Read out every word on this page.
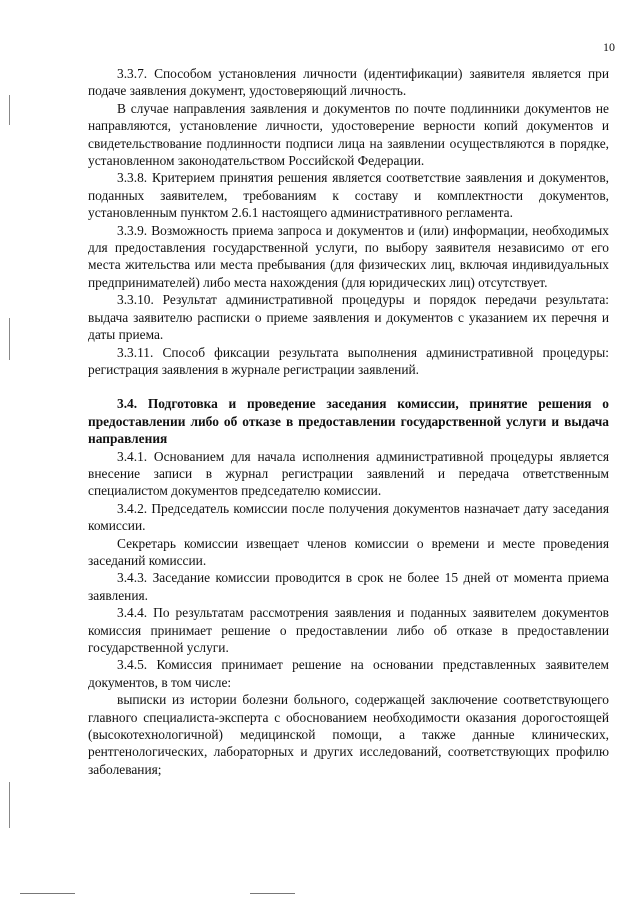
10

3.3.7. Способом установления личности (идентификации) заявителя является при подаче заявления документ, удостоверяющий личность.

В случае направления заявления и документов по почте подлинники документов не направляются, установление личности, удостоверение верности копий документов и свидетельствование подлинности подписи лица на заявлении осуществляются в порядке, установленном законодательством Российской Федерации.

3.3.8. Критерием принятия решения является соответствие заявления и документов, поданных заявителем, требованиям к составу и комплектности документов, установленным пунктом 2.6.1 настоящего административного регламента.

3.3.9. Возможность приема запроса и документов и (или) информации, необходимых для предоставления государственной услуги, по выбору заявителя независимо от его места жительства или места пребывания (для физических лиц, включая индивидуальных предпринимателей) либо места нахождения (для юридических лиц) отсутствует.

3.3.10. Результат административной процедуры и порядок передачи результата: выдача заявителю расписки о приеме заявления и документов с указанием их перечня и даты приема.

3.3.11. Способ фиксации результата выполнения административной процедуры: регистрация заявления в журнале регистрации заявлений.

3.4. Подготовка и проведение заседания комиссии, принятие решения о предоставлении либо об отказе в предоставлении государственной услуги и выдача направления

3.4.1. Основанием для начала исполнения административной процедуры является внесение записи в журнал регистрации заявлений и передача ответственным специалистом документов председателю комиссии.

3.4.2. Председатель комиссии после получения документов назначает дату заседания комиссии.

Секретарь комиссии извещает членов комиссии о времени и месте проведения заседаний комиссии.

3.4.3. Заседание комиссии проводится в срок не более 15 дней от момента приема заявления.

3.4.4. По результатам рассмотрения заявления и поданных заявителем документов комиссия принимает решение о предоставлении либо об отказе в предоставлении государственной услуги.

3.4.5. Комиссия принимает решение на основании представленных заявителем документов, в том числе:

выписки из истории болезни больного, содержащей заключение соответствующего главного специалиста-эксперта с обоснованием необходимости оказания дорогостоящей (высокотехнологичной) медицинской помощи, а также данные клинических, рентгенологических, лабораторных и других исследований, соответствующих профилю заболевания;
